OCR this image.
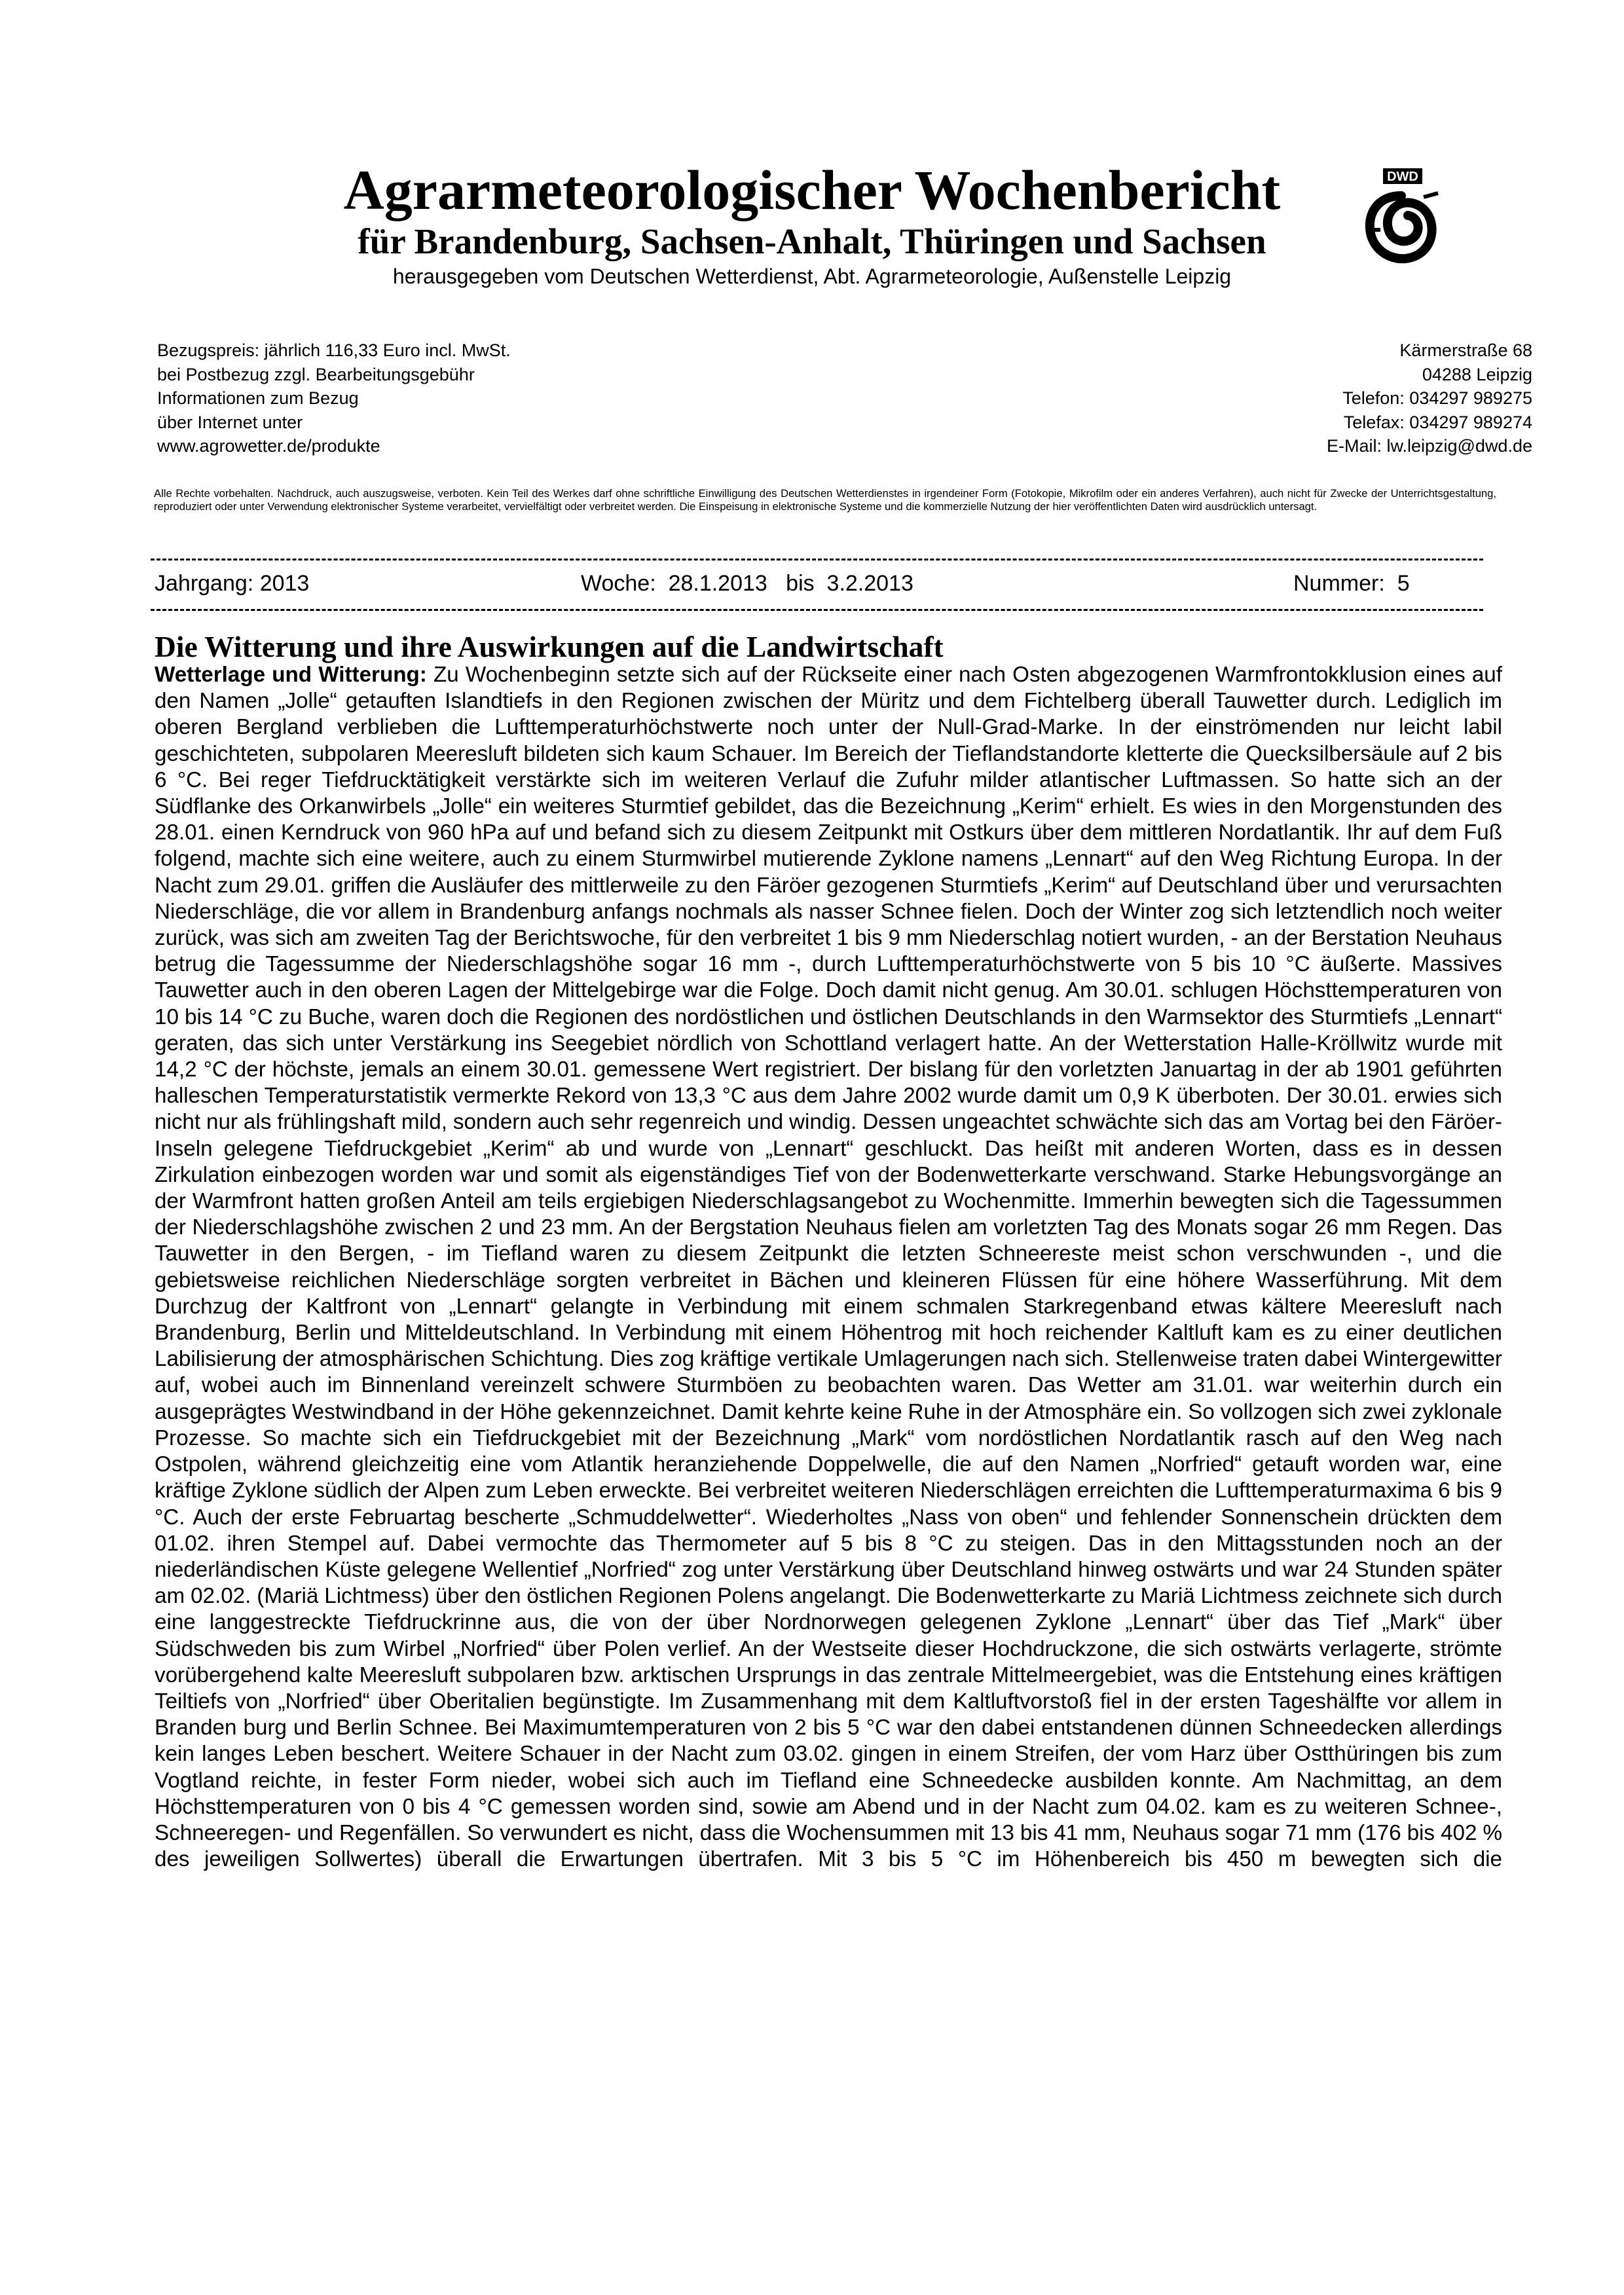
Agrarmeteorologischer Wochenbericht
für Brandenburg, Sachsen-Anhalt, Thüringen und Sachsen
herausgegeben vom Deutschen Wetterdienst, Abt. Agrarmeteorologie, Außenstelle Leipzig
DWD
Bezugspreis: jährlich 116,33 Euro incl. MwSt.
bei Postbezug zzgl. Bearbeitungsgebühr
Informationen zum Bezug
über Internet unter
www.agrowetter.de/produkte
Kärmerstraße 68
04288 Leipzig
Telefon: 034297 989275
Telefax: 034297 989274
E-Mail: lw.leipzig@dwd.de
Alle Rechte vorbehalten. Nachdruck, auch auszugsweise, verboten. Kein Teil des Werkes darf ohne schriftliche Einwilligung des Deutschen Wetterdienstes in irgendeiner Form (Fotokopie, Mikrofilm oder ein anderes Verfahren), auch nicht für Zwecke der Unterrichtsgestaltung, reproduziert oder unter Verwendung elektronischer Systeme verarbeitet, vervielfältigt oder verbreitet werden. Die Einspeisung in elektronische Systeme und die kommerzielle Nutzung der hier veröffentlichten Daten wird ausdrücklich untersagt.
Jahrgang: 2013	Woche: 28.1.2013 bis 3.2.2013	Nummer: 5
Die Witterung und ihre Auswirkungen auf die Landwirtschaft
Wetterlage und Witterung: Zu Wochenbeginn setzte sich auf der Rückseite einer nach Osten abgezogenen Warmfrontokklusion eines auf den Namen „Jolle“ getauften Islandtiefs in den Regionen zwischen der Müritz und dem Fichtelberg überall Tauwetter durch. Lediglich im oberen Bergland verblieben die Lufttemperaturhöchstwerte noch unter der Null-Grad-Marke. In der einströmenden nur leicht labil geschichteten, subpolaren Meeresluft bildeten sich kaum Schauer. Im Bereich der Tieflandstandorte kletterte die Quecksilbersäule auf 2 bis 6 °C. Bei reger Tiefdrucktätigkeit verstärkte sich im weiteren Verlauf die Zufuhr milder atlantischer Luftmassen. So hatte sich an der Südflanke des Orkanwirbels „Jolle“ ein weiteres Sturmtief gebildet, das die Bezeichnung „Kerim“ erhielt. Es wies in den Morgenstunden des 28.01. einen Kerndruck von 960 hPa auf und befand sich zu diesem Zeitpunkt mit Ostkurs über dem mittleren Nordatlantik. Ihr auf dem Fuß folgend, machte sich eine weitere, auch zu einem Sturmwirbel mutierende Zyklone namens „Lennart“ auf den Weg Richtung Europa. In der Nacht zum 29.01. griffen die Ausläufer des mittlerweile zu den Färöer gezogenen Sturmtiefs „Kerim“ auf Deutschland über und verursachten Niederschläge, die vor allem in Brandenburg anfangs nochmals als nasser Schnee fielen. Doch der Winter zog sich letztendlich noch weiter zurück, was sich am zweiten Tag der Berichtswoche, für den verbreitet 1 bis 9 mm Niederschlag notiert wurden, - an der Berstation Neuhaus betrug die Tagessumme der Niederschlagshöhe sogar 16 mm -, durch Lufttemperaturhöchstwerte von 5 bis 10 °C äußerte. Massives Tauwetter auch in den oberen Lagen der Mittelgebirge war die Folge. Doch damit nicht genug. Am 30.01. schlugen Höchsttemperaturen von 10 bis 14 °C zu Buche, waren doch die Regionen des nordöstlichen und östlichen Deutschlands in den Warmsektor des Sturmtiefs „Lennart“ geraten, das sich unter Verstärkung ins Seegebiet nördlich von Schottland verlagert hatte. An der Wetterstation Halle-Kröllwitz wurde mit 14,2 °C der höchste, jemals an einem 30.01. gemessene Wert registriert. Der bislang für den vorletzten Januartag in der ab 1901 geführten halleschen Temperaturstatistik vermerkte Rekord von 13,3 °C aus dem Jahre 2002 wurde damit um 0,9 K überboten. Der 30.01. erwies sich nicht nur als frühlingshaft mild, sondern auch sehr regenreich und windig. Dessen ungeachtet schwächte sich das am Vortag bei den Färöer-Inseln gelegene Tiefdruckgebiet „Kerim“ ab und wurde von „Lennart“ geschluckt. Das heißt mit anderen Worten, dass es in dessen Zirkulation einbezogen worden war und somit als eigenständiges Tief von der Bodenwetterkarte verschwand. Starke Hebungsvorgänge an der Warmfront hatten großen Anteil am teils ergiebigen Niederschlagsangebot zu Wochenmitte. Immerhin bewegten sich die Tagessummen der Niederschlagshöhe zwischen 2 und 23 mm. An der Bergstation Neuhaus fielen am vorletzten Tag des Monats sogar 26 mm Regen. Das Tauwetter in den Bergen, - im Tiefland waren zu diesem Zeitpunkt die letzten Schneereste meist schon verschwunden -, und die gebietsweise reichlichen Niederschläge sorgten verbreitet in Bächen und kleineren Flüssen für eine höhere Wasserführung. Mit dem Durchzug der Kaltfront von „Lennart“ gelangte in Verbindung mit einem schmalen Starkregenband etwas kältere Meeresluft nach Brandenburg, Berlin und Mitteldeutschland. In Verbindung mit einem Höhentrog mit hoch reichender Kaltluft kam es zu einer deutlichen Labilisierung der atmosphärischen Schichtung. Dies zog kräftige vertikale Umlagerungen nach sich. Stellenweise traten dabei Wintergewitter auf, wobei auch im Binnenland vereinzelt schwere Sturmböen zu beobachten waren. Das Wetter am 31.01. war weiterhin durch ein ausgeprägtes Westwindband in der Höhe gekennzeichnet. Damit kehrte keine Ruhe in der Atmosphäre ein. So vollzogen sich zwei zyklonale Prozesse. So machte sich ein Tiefdruckgebiet mit der Bezeichnung „Mark“ vom nordöstlichen Nordatlantik rasch auf den Weg nach Ostpolen, während gleichzeitig eine vom Atlantik heranziehende Doppelwelle, die auf den Namen „Norfried“ getauft worden war, eine kräftige Zyklone südlich der Alpen zum Leben erweckte. Bei verbreitet weiteren Niederschlägen erreichten die Lufttemperaturmaxima 6 bis 9 °C. Auch der erste Februartag bescherte „Schmuddelwetter“. Wiederholtes „Nass von oben“ und fehlender Sonnenschein drückten dem 01.02. ihren Stempel auf. Dabei vermochte das Thermometer auf 5 bis 8 °C zu steigen. Das in den Mittagsstunden noch an der niederländischen Küste gelegene Wellentief „Norfried“ zog unter Verstärkung über Deutschland hinweg ostwärts und war 24 Stunden später am 02.02. (Mariä Lichtmess) über den östlichen Regionen Polens angelangt. Die Bodenwetterkarte zu Mariä Lichtmess zeichnete sich durch eine langgestreckte Tiefdruckrinne aus, die von der über Nordnorwegen gelegenen Zyklone „Lennart“ über das Tief „Mark“ über Südschweden bis zum Wirbel „Norfried“ über Polen verlief. An der Westseite dieser Hochdruckzone, die sich ostwärts verlagerte, strömte vorübergehend kalte Meeresluft subpolaren bzw. arktischen Ursprungs in das zentrale Mittelmeergebiet, was die Entstehung eines kräftigen Teiltiefs von „Norfried“ über Oberitalien begünstigte. Im Zusammenhang mit dem Kaltluftvorstoß fiel in der ersten Tageshälfte vor allem in Branden burg und Berlin Schnee. Bei Maximumtemperaturen von 2 bis 5 °C war den dabei entstandenen dünnen Schneedecken allerdings kein langes Leben beschert. Weitere Schauer in der Nacht zum 03.02. gingen in einem Streifen, der vom Harz über Ostthüringen bis zum Vogtland reichte, in fester Form nieder, wobei sich auch im Tiefland eine Schneedecke ausbilden konnte. Am Nachmittag, an dem Höchsttemperaturen von 0 bis 4 °C gemessen worden sind, sowie am Abend und in der Nacht zum 04.02. kam es zu weiteren Schnee-, Schneeregen- und Regenfällen. So verwundert es nicht, dass die Wochensummen mit 13 bis 41 mm, Neuhaus sogar 71 mm (176 bis 402 % des jeweiligen Sollwertes) überall die Erwartungen übertrafen. Mit 3 bis 5 °C im Höhenbereich bis 450 m bewegten sich die
